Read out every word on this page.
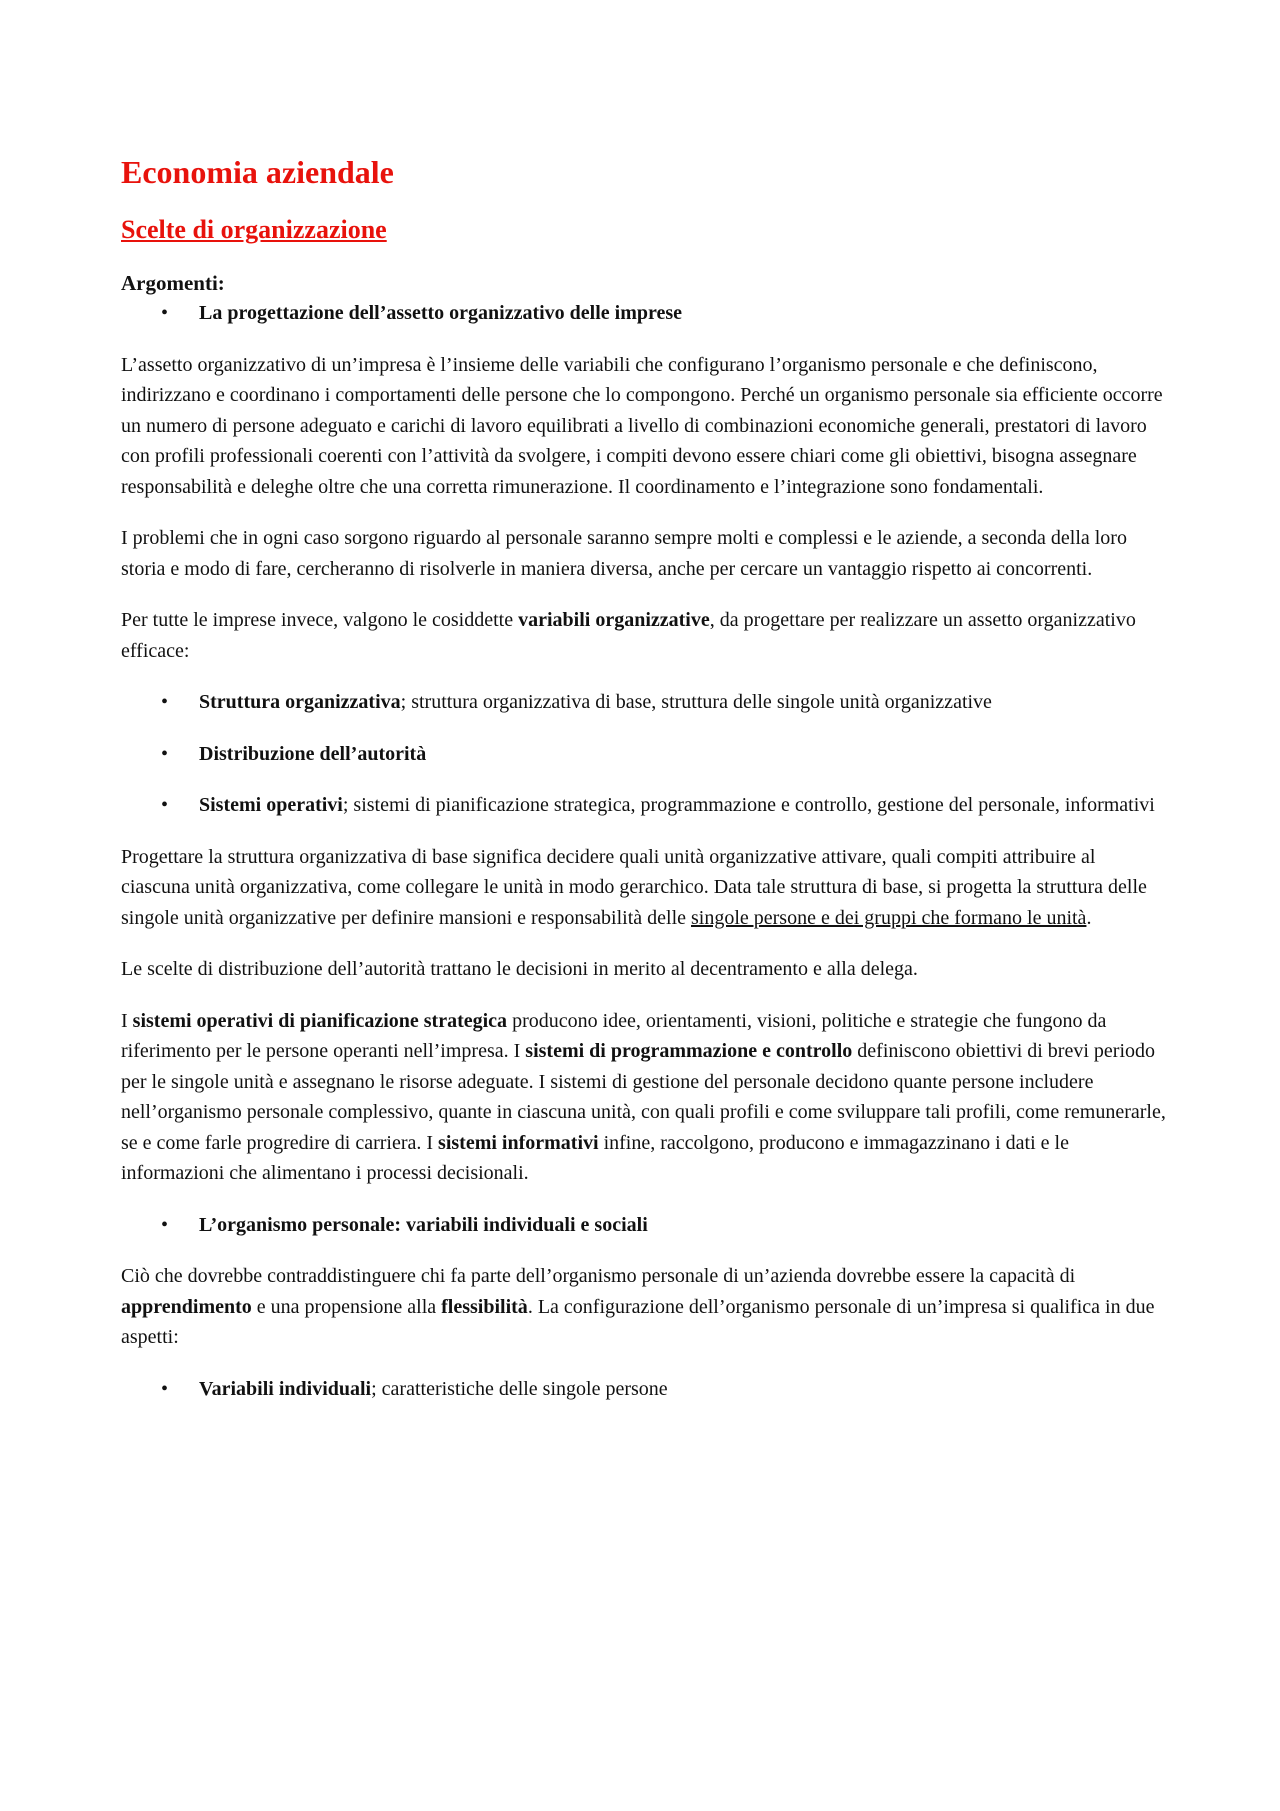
Economia aziendale
Scelte di organizzazione
Argomenti:
• La progettazione dell’assetto organizzativo delle imprese

L’assetto organizzativo di un’impresa è l’insieme delle variabili che configurano l’organismo personale e che definiscono, indirizzano e coordinano i comportamenti delle persone che lo compongono. Perché un organismo personale sia efficiente occorre un numero di persone adeguato e carichi di lavoro equilibrati a livello di combinazioni economiche generali, prestatori di lavoro con profili professionali coerenti con l’attività da svolgere, i compiti devono essere chiari come gli obiettivi, bisogna assegnare responsabilità e deleghe oltre che una corretta rimunerazione. Il coordinamento e l’integrazione sono fondamentali.

I problemi che in ogni caso sorgono riguardo al personale saranno sempre molti e complessi e le aziende, a seconda della loro storia e modo di fare, cercheranno di risolverle in maniera diversa, anche per cercare un vantaggio rispetto ai concorrenti.

Per tutte le imprese invece, valgono le cosiddette variabili organizzative, da progettare per realizzare un assetto organizzativo efficace:

• Struttura organizzativa; struttura organizzativa di base, struttura delle singole unità organizzative
• Distribuzione dell’autorità
• Sistemi operativi; sistemi di pianificazione strategica, programmazione e controllo, gestione del personale, informativi

Progettare la struttura organizzativa di base significa decidere quali unità organizzative attivare, quali compiti attribuire al ciascuna unità organizzativa, come collegare le unità in modo gerarchico. Data tale struttura di base, si progetta la struttura delle singole unità organizzative per definire mansioni e responsabilità delle singole persone e dei gruppi che formano le unità.

Le scelte di distribuzione dell’autorità trattano le decisioni in merito al decentramento e alla delega.

I sistemi operativi di pianificazione strategica producono idee, orientamenti, visioni, politiche e strategie che fungono da riferimento per le persone operanti nell’impresa. I sistemi di programmazione e controllo definiscono obiettivi di brevi periodo per le singole unità e assegnano le risorse adeguate. I sistemi di gestione del personale decidono quante persone includere nell’organismo personale complessivo, quante in ciascuna unità, con quali profili e come sviluppare tali profili, come remunerarle, se e come farle progredire di carriera. I sistemi informativi infine, raccolgono, producono e immagazzinano i dati e le informazioni che alimentano i processi decisionali.

• L’organismo personale: variabili individuali e sociali

Ciò che dovrebbe contraddistinguere chi fa parte dell’organismo personale di un’azienda dovrebbe essere la capacità di apprendimento e una propensione alla flessibilità. La configurazione dell’organismo personale di un’impresa si qualifica in due aspetti:

• Variabili individuali; caratteristiche delle singole persone
